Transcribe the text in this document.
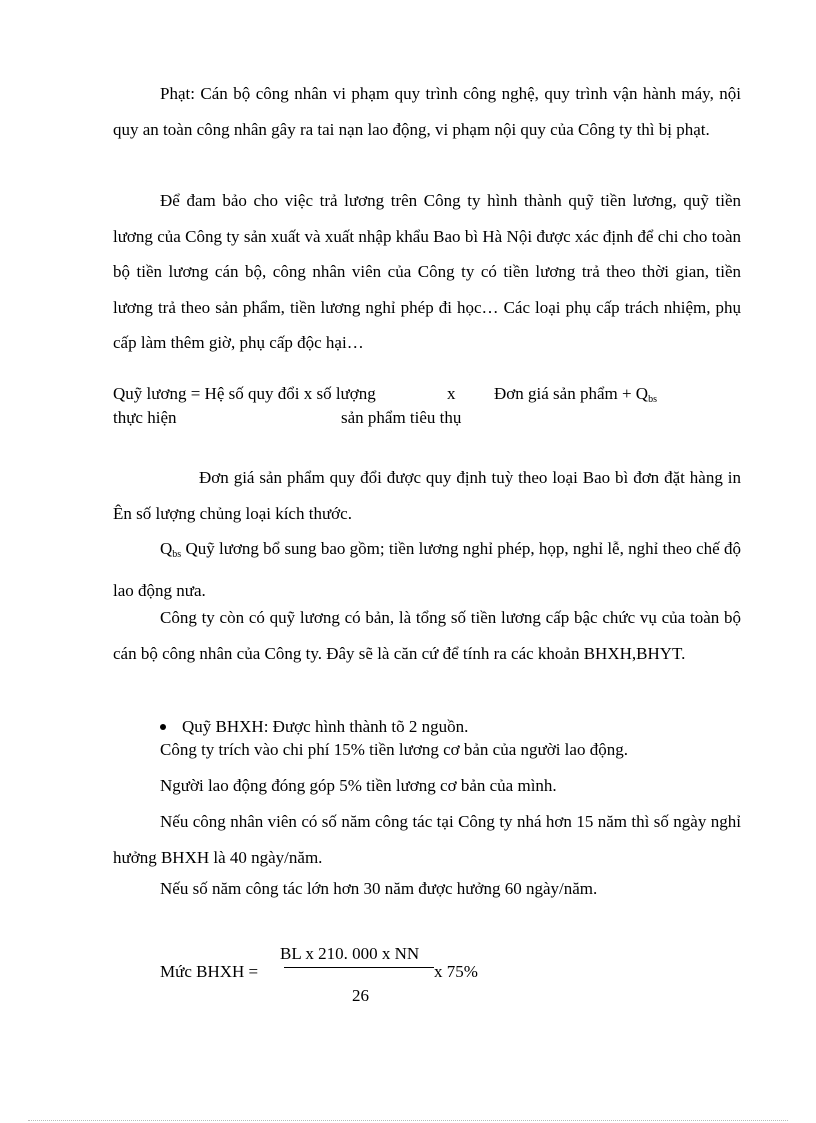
Phạt: Cán bộ công nhân vi phạm quy trình công nghệ, quy trình vận hành máy, nội quy an toàn công nhân gây ra tai nạn lao động, vi phạm nội quy của Công ty thì bị phạt.

Để đam bảo cho việc trả lương trên Công ty hình thành quỹ tiền lương, quỹ tiền lương của Công ty sản xuất và xuất nhập khẩu Bao bì Hà Nội được xác định để chi cho toàn bộ tiền lương cán bộ, công nhân viên của Công ty có tiền lương trả theo thời gian, tiền lương trả theo sản phẩm, tiền lương nghỉ phép đi học… Các loại phụ cấp trách nhiệm, phụ cấp làm thêm giờ, phụ cấp độc hại…

Quỹ lương = Hệ số quy đổi x số lượng	x Đơn giá sản phẩm + $Q_{bs}$
thực hiện	sản phẩm tiêu thụ

Đơn giá sản phẩm quy đổi được quy định tuỳ theo loại Bao bì đơn đặt hàng in Ên số lượng chủng loại kích thước.

$Q_{bs}$ Quỹ lương bổ sung bao gồm; tiền lương nghỉ phép, họp, nghỉ lễ, nghỉ theo chế độ lao động nưa.

Công ty còn có quỹ lương có bản, là tổng số tiền lương cấp bậc chức vụ của toàn bộ cán bộ công nhân của Công ty. Đây sẽ là căn cứ để tính ra các khoản BHXH,BHYT.

Quỹ BHXH: Được hình thành tõ 2 nguồn.
Công ty trích vào chi phí 15% tiền lương cơ bản của người lao động.
Người lao động đóng góp 5% tiền lương cơ bản của mình.

Nếu công nhân viên có số năm công tác tại Công ty nhá hơn 15 năm thì số ngày nghỉ hưởng BHXH là 40 ngày/năm.

Nếu số năm công tác lớn hơn 30 năm được hưởng 60 ngày/năm.
BL x 210. 000 x NN
Mức BHXH =	x 75%
26
